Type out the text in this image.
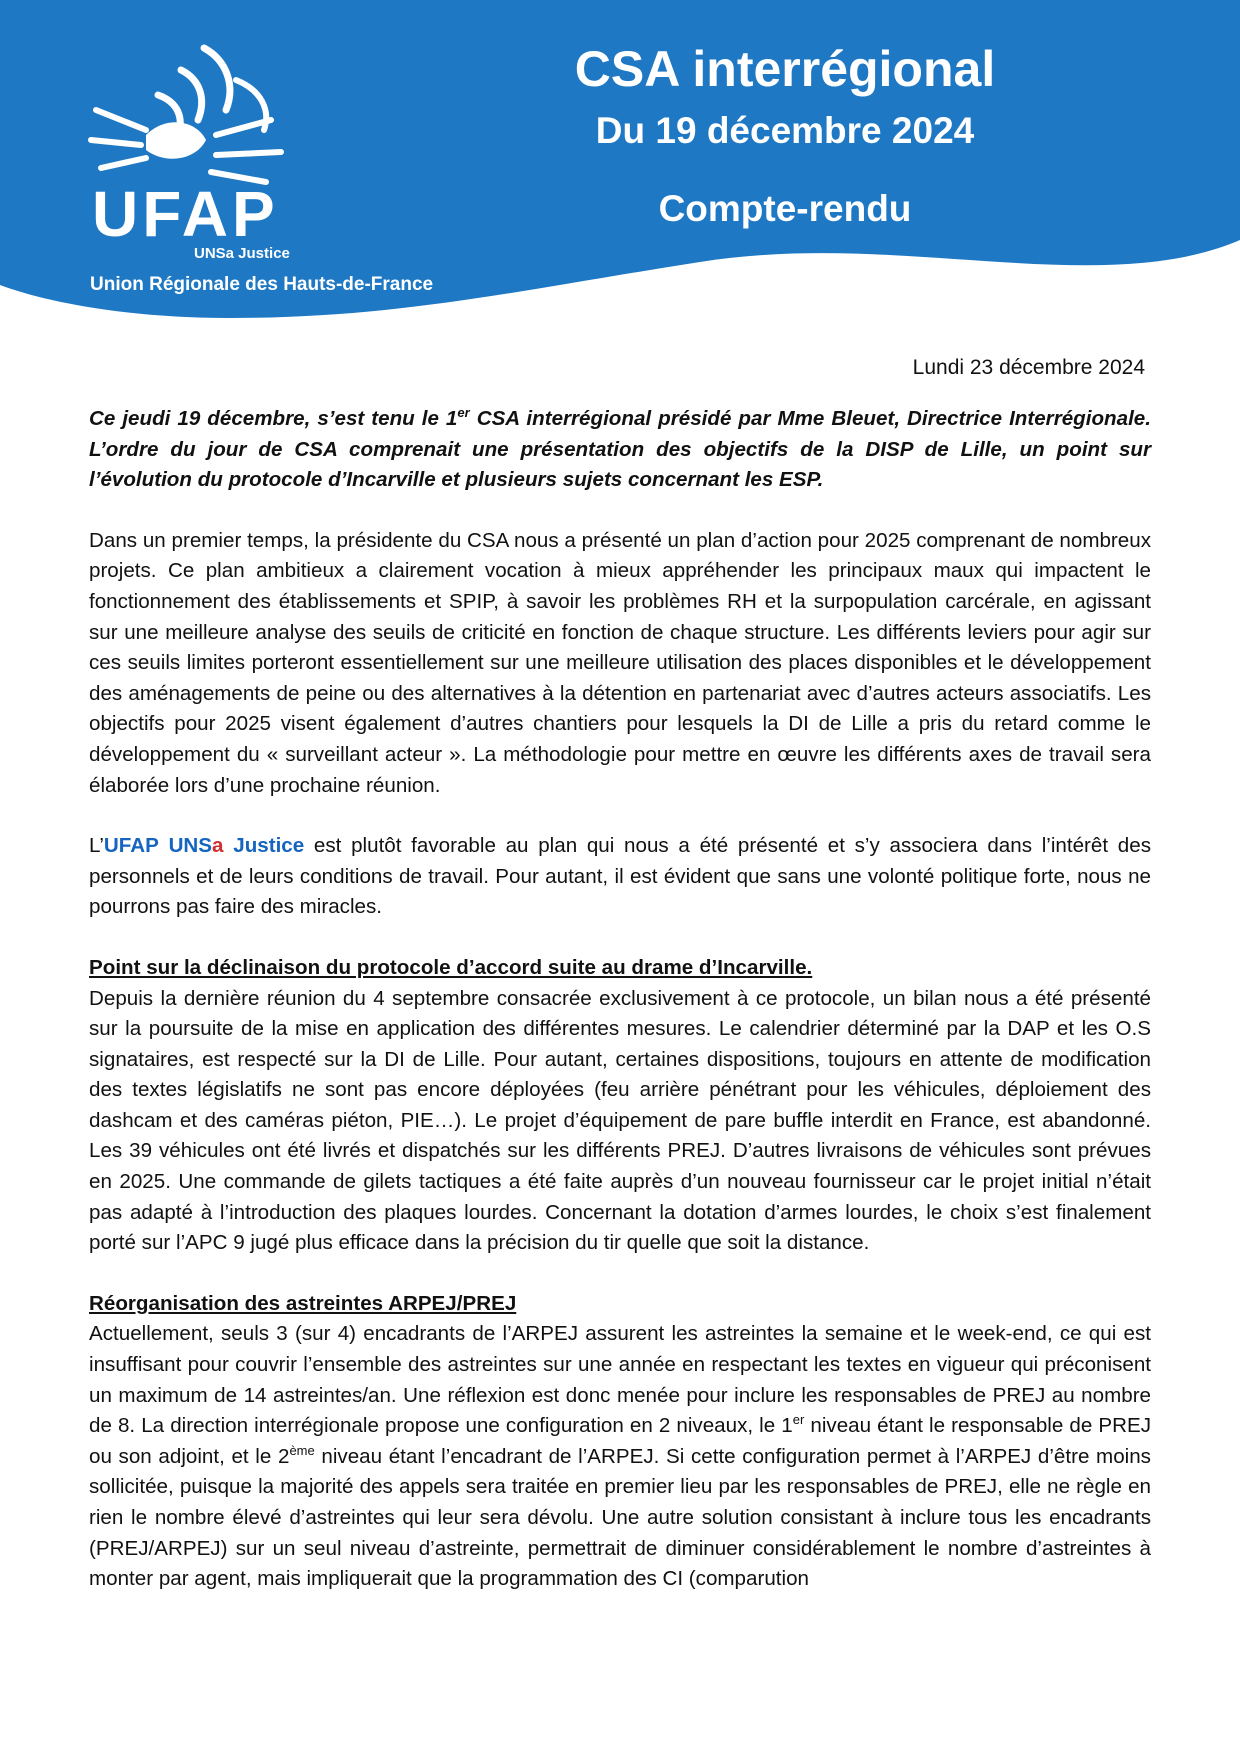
UFAP
UNSa Justice
Union Régionale des Hauts-de-France
CSA interrégional
Du 19 décembre 2024
Compte-rendu
Lundi 23 décembre 2024

Ce jeudi 19 décembre, s’est tenu le 1er CSA interrégional présidé par Mme Bleuet, Directrice Interrégionale. L’ordre du jour de CSA comprenait une présentation des objectifs de la DISP de Lille, un point sur l’évolution du protocole d’Incarville et plusieurs sujets concernant les ESP.

Dans un premier temps, la présidente du CSA nous a présenté un plan d’action pour 2025 comprenant de nombreux projets. Ce plan ambitieux a clairement vocation à mieux appréhender les principaux maux qui impactent le fonctionnement des établissements et SPIP, à savoir les problèmes RH et la surpopulation carcérale, en agissant sur une meilleure analyse des seuils de criticité en fonction de chaque structure. Les différents leviers pour agir sur ces seuils limites porteront essentiellement sur une meilleure utilisation des places disponibles et le développement des aménagements de peine ou des alternatives à la détention en partenariat avec d’autres acteurs associatifs. Les objectifs pour 2025 visent également d’autres chantiers pour lesquels la DI de Lille a pris du retard comme le développement du « surveillant acteur ». La méthodologie pour mettre en œuvre les différents axes de travail sera élaborée lors d’une prochaine réunion.

L’UFAP UNSa Justice est plutôt favorable au plan qui nous a été présenté et s’y associera dans l’intérêt des personnels et de leurs conditions de travail. Pour autant, il est évident que sans une volonté politique forte, nous ne pourrons pas faire des miracles.

Point sur la déclinaison du protocole d’accord suite au drame d’Incarville.

Depuis la dernière réunion du 4 septembre consacrée exclusivement à ce protocole, un bilan nous a été présenté sur la poursuite de la mise en application des différentes mesures. Le calendrier déterminé par la DAP et les O.S signataires, est respecté sur la DI de Lille. Pour autant, certaines dispositions, toujours en attente de modification des textes législatifs ne sont pas encore déployées (feu arrière pénétrant pour les véhicules, déploiement des dashcam et des caméras piéton, PIE…). Le projet d’équipement de pare buffle interdit en France, est abandonné. Les 39 véhicules ont été livrés et dispatchés sur les différents PREJ. D’autres livraisons de véhicules sont prévues en 2025. Une commande de gilets tactiques a été faite auprès d’un nouveau fournisseur car le projet initial n’était pas adapté à l’introduction des plaques lourdes. Concernant la dotation d’armes lourdes, le choix s’est finalement porté sur l’APC 9 jugé plus efficace dans la précision du tir quelle que soit la distance.

Réorganisation des astreintes ARPEJ/PREJ

Actuellement, seuls 3 (sur 4) encadrants de l’ARPEJ assurent les astreintes la semaine et le week-end, ce qui est insuffisant pour couvrir l’ensemble des astreintes sur une année en respectant les textes en vigueur qui préconisent un maximum de 14 astreintes/an. Une réflexion est donc menée pour inclure les responsables de PREJ au nombre de 8. La direction interrégionale propose une configuration en 2 niveaux, le 1er niveau étant le responsable de PREJ ou son adjoint, et le 2ème niveau étant l’encadrant de l’ARPEJ. Si cette configuration permet à l’ARPEJ d’être moins sollicitée, puisque la majorité des appels sera traitée en premier lieu par les responsables de PREJ, elle ne règle en rien le nombre élevé d’astreintes qui leur sera dévolu. Une autre solution consistant à inclure tous les encadrants (PREJ/ARPEJ) sur un seul niveau d’astreinte, permettrait de diminuer considérablement le nombre d’astreintes à monter par agent, mais impliquerait que la programmation des CI (comparution
